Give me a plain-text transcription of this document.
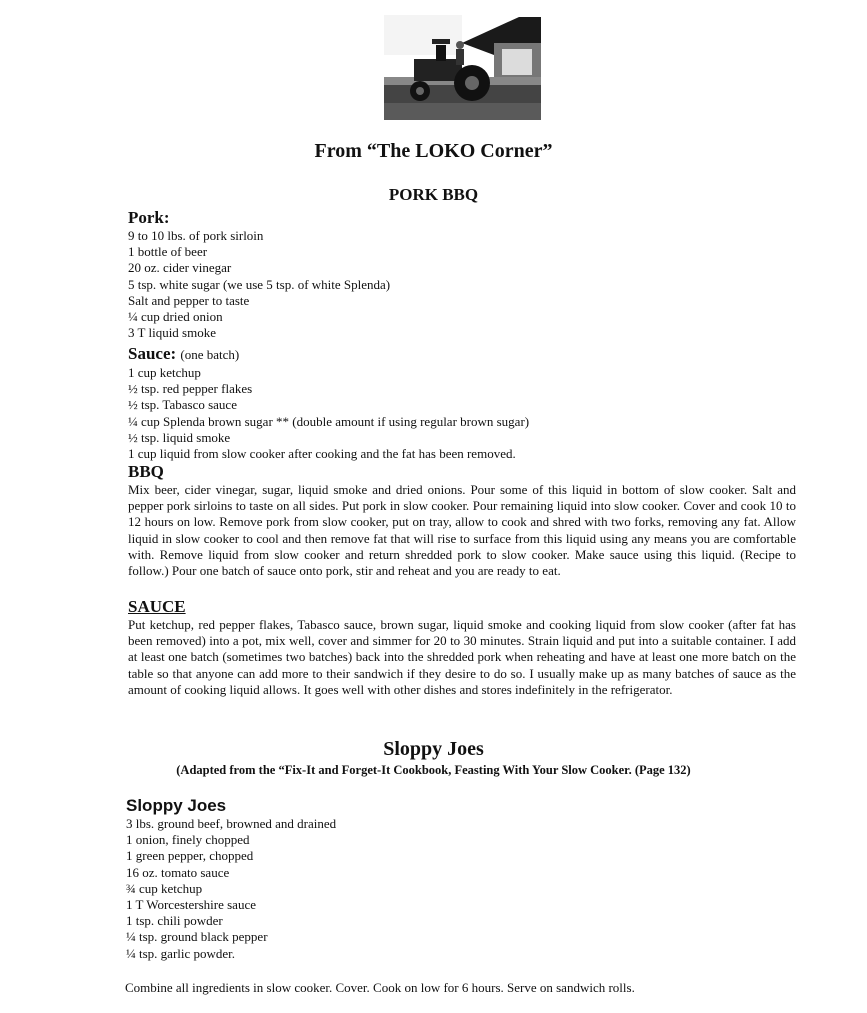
From “The LOKO Corner”
PORK BBQ
Pork:
9 to 10 lbs. of pork sirloin
1 bottle of beer
20 oz. cider vinegar
5 tsp. white sugar (we use 5 tsp. of white Splenda)
Salt and pepper to taste
¼ cup dried onion
3 T liquid smoke
Sauce: (one batch)
1 cup ketchup
½ tsp. red pepper flakes
½ tsp. Tabasco sauce
¼ cup Splenda brown sugar ** (double amount if using regular brown sugar)
½ tsp. liquid smoke
1 cup liquid from slow cooker after cooking and the fat has been removed.
BBQ
Mix beer, cider vinegar, sugar, liquid smoke and dried onions. Pour some of this liquid in bottom of slow cooker. Salt and pepper pork sirloins to taste on all sides. Put pork in slow cooker. Pour remaining liquid into slow cooker. Cover and cook 10 to 12 hours on low. Remove pork from slow cooker, put on tray, allow to cook and shred with two forks, removing any fat. Allow liquid in slow cooker to cool and then remove fat that will rise to surface from this liquid using any means you are comfortable with. Remove liquid from slow cooker and return shredded pork to slow cooker. Make sauce using this liquid. (Recipe to follow.) Pour one batch of sauce onto pork, stir and reheat and you are ready to eat.
SAUCE
Put ketchup, red pepper flakes, Tabasco sauce, brown sugar, liquid smoke and cooking liquid from slow cooker (after fat has been removed) into a pot, mix well, cover and simmer for 20 to 30 minutes. Strain liquid and put into a suitable container. I add at least one batch (sometimes two batches) back into the shredded pork when reheating and have at least one more batch on the table so that anyone can add more to their sandwich if they desire to do so. I usually make up as many batches of sauce as the amount of cooking liquid allows. It goes well with other dishes and stores indefinitely in the refrigerator.
Sloppy Joes
(Adapted from the “Fix-It and Forget-It Cookbook, Feasting With Your Slow Cooker. (Page 132)
Sloppy Joes
3 lbs. ground beef, browned and drained
1 onion, finely chopped
1 green pepper, chopped
16 oz. tomato sauce
¾ cup ketchup
1 T Worcestershire sauce
1 tsp. chili powder
¼ tsp. ground black pepper
¼ tsp. garlic powder.
Combine all ingredients in slow cooker. Cover. Cook on low for 6 hours. Serve on sandwich rolls.
